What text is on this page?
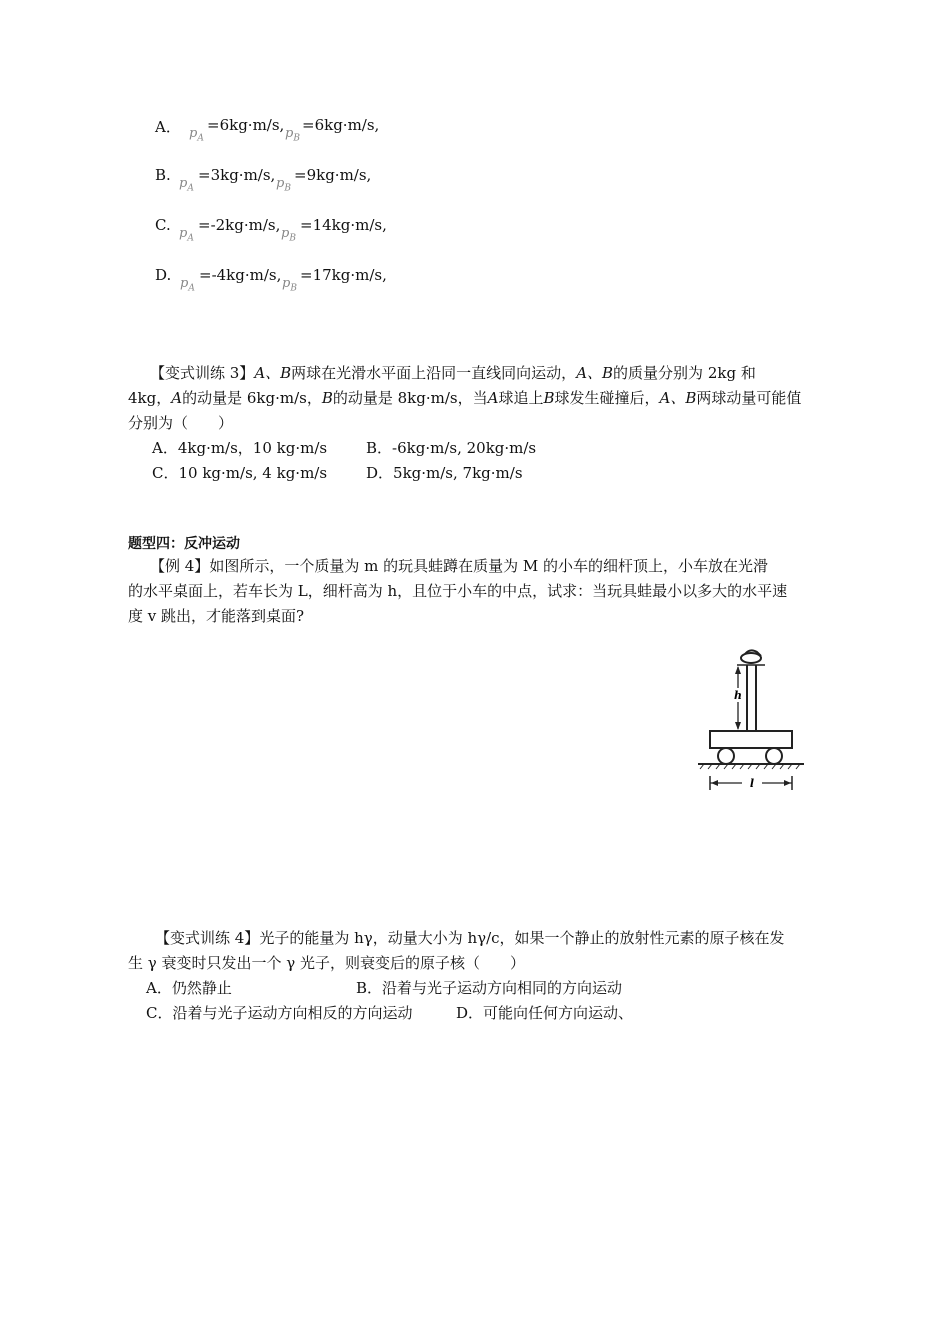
A． $p_A$
=6kg·m/s, $p_B$
=6kg·m/s,
B. $p_A$
=3kg·m/s, $p_B$
=9kg·m/s,
C. $p_A$
=-2kg·m/s, $p_B$
=14kg·m/s,
D. $p_A$
=-4kg·m/s, $p_B$
=17kg·m/s,
【变式训练 3】A、B两球在光滑水平面上沿同一直线同向运动，A、B的质量分别为 2kg 和
4kg，A的动量是 6kg·m/s，B的动量是 8kg·m/s，当A球追上B球发生碰撞后，A、B两球动量可能值
分别为（　　）
A．4kg·m/s，10 kg·m/s	B．-6kg·m/s, 20kg·m/s
C．10 kg·m/s, 4 kg·m/s	D．5kg·m/s, 7kg·m/s
题型四：反冲运动
【例 4】如图所示，一个质量为 m 的玩具蛙蹲在质量为 M 的小车的细杆顶上，小车放在光滑
的水平桌面上，若车长为 L，细杆高为 h，且位于小车的中点，试求：当玩具蛙最小以多大的水平速
度 v 跳出，才能落到桌面?
h
l
【变式训练 4】光子的能量为 hγ，动量大小为 hγ/c，如果一个静止的放射性元素的原子核在发
生 γ 衰变时只发出一个 γ 光子，则衰变后的原子核（　　）
A．仍然静止	B．沿着与光子运动方向相同的方向运动
C．沿着与光子运动方向相反的方向运动	D．可能向任何方向运动、
